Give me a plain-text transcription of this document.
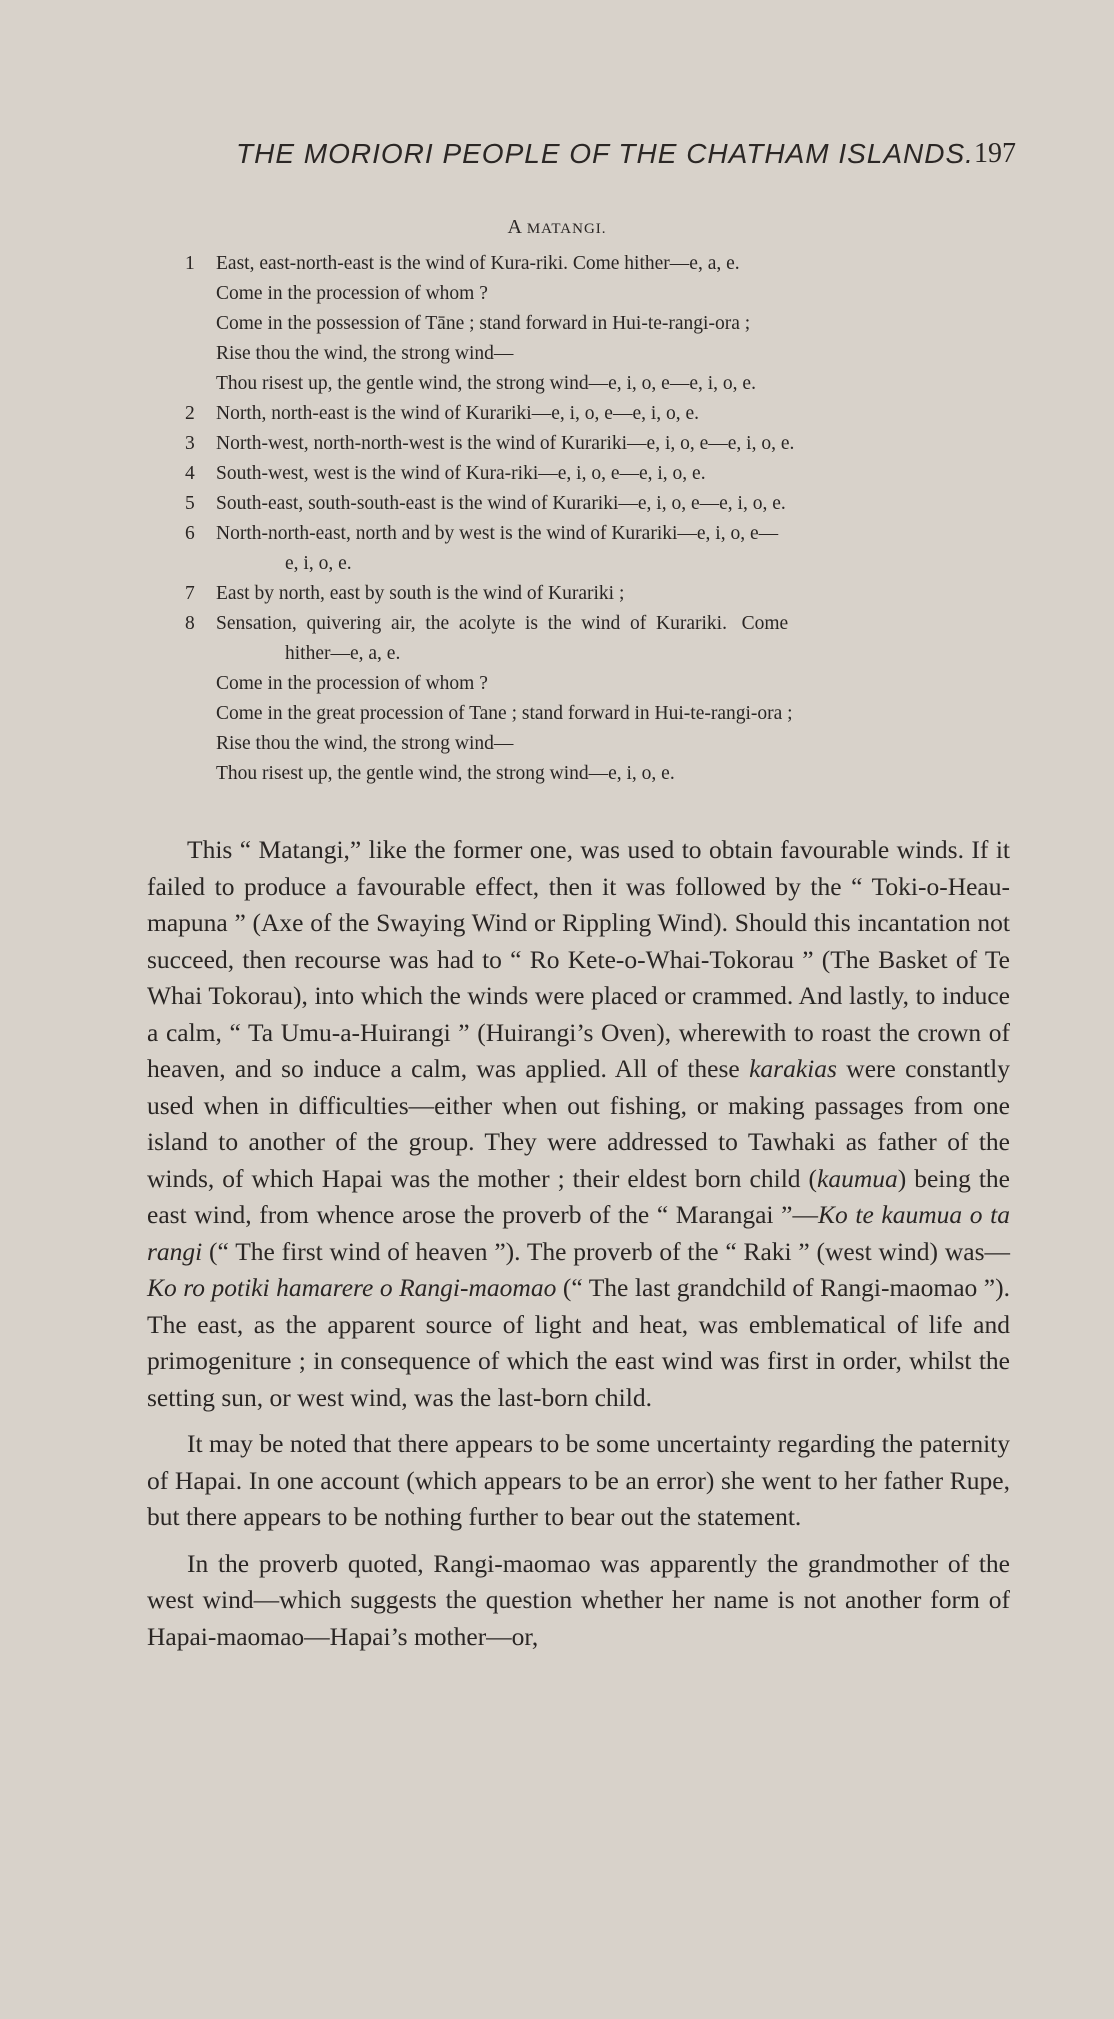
THE MORIORI PEOPLE OF THE CHATHAM ISLANDS. 197
A MATANGI.
1	East, east-north-east is the wind of Kura-riki. Come hither—e, a, e.
Come in the procession of whom ?
Come in the possession of Tāne ; stand forward in Hui-te-rangi-ora ;
Rise thou the wind, the strong wind—
Thou risest up, the gentle wind, the strong wind—e, i, o, e—e, i, o, e.
2	North, north-east is the wind of Kurariki—e, i, o, e—e, i, o, e.
3	North-west, north-north-west is the wind of Kurariki—e, i, o, e—e, i, o, e.
4	South-west, west is the wind of Kura-riki—e, i, o, e—e, i, o, e.
5	South-east, south-south-east is the wind of Kurariki—e, i, o, e—e, i, o, e.
6	North-north-east, north and by west is the wind of Kurariki—e, i, o, e—
e, i, o, e.
7	East by north, east by south is the wind of Kurariki ;
8	Sensation,  quivering  air,  the  acolyte  is  the  wind  of  Kurariki.   Come
hither—e, a, e.
Come in the procession of whom ?
Come in the great procession of Tane ; stand forward in Hui-te-rangi-ora ;
Rise thou the wind, the strong wind—
Thou risest up, the gentle wind, the strong wind—e, i, o, e.

This “ Matangi,” like the former one, was used to obtain favourable winds. If it failed to produce a favourable effect, then it was followed by the “ Toki-o-Heau-mapuna ” (Axe of the Swaying Wind or Rippling Wind). Should this incantation not succeed, then recourse was had to “ Ro Kete-o-Whai-Tokorau ” (The Basket of Te Whai Tokorau), into which the winds were placed or crammed. And lastly, to induce a calm, “ Ta Umu-a-Huirangi ” (Huirangi’s Oven), wherewith to roast the crown of heaven, and so induce a calm, was applied. All of these karakias were constantly used when in difficulties—either when out fishing, or making passages from one island to another of the group. They were addressed to Tawhaki as father of the winds, of which Hapai was the mother ; their eldest born child (kaumua) being the east wind, from whence arose the proverb of the “ Marangai ”—Ko te kaumua o ta rangi (“ The first wind of heaven ”). The proverb of the “ Raki ” (west wind) was— Ko ro potiki hamarere o Rangi-maomao (“ The last grandchild of Rangi-maomao ”). The east, as the apparent source of light and heat, was emblematical of life and primogeniture ; in consequence of which the east wind was first in order, whilst the setting sun, or west wind, was the last-born child.

It may be noted that there appears to be some uncertainty regarding the paternity of Hapai. In one account (which appears to be an error) she went to her father Rupe, but there appears to be nothing further to bear out the statement.

In the proverb quoted, Rangi-maomao was apparently the grandmother of the west wind—which suggests the question whether her name is not another form of Hapai-maomao—Hapai’s mother—or,
